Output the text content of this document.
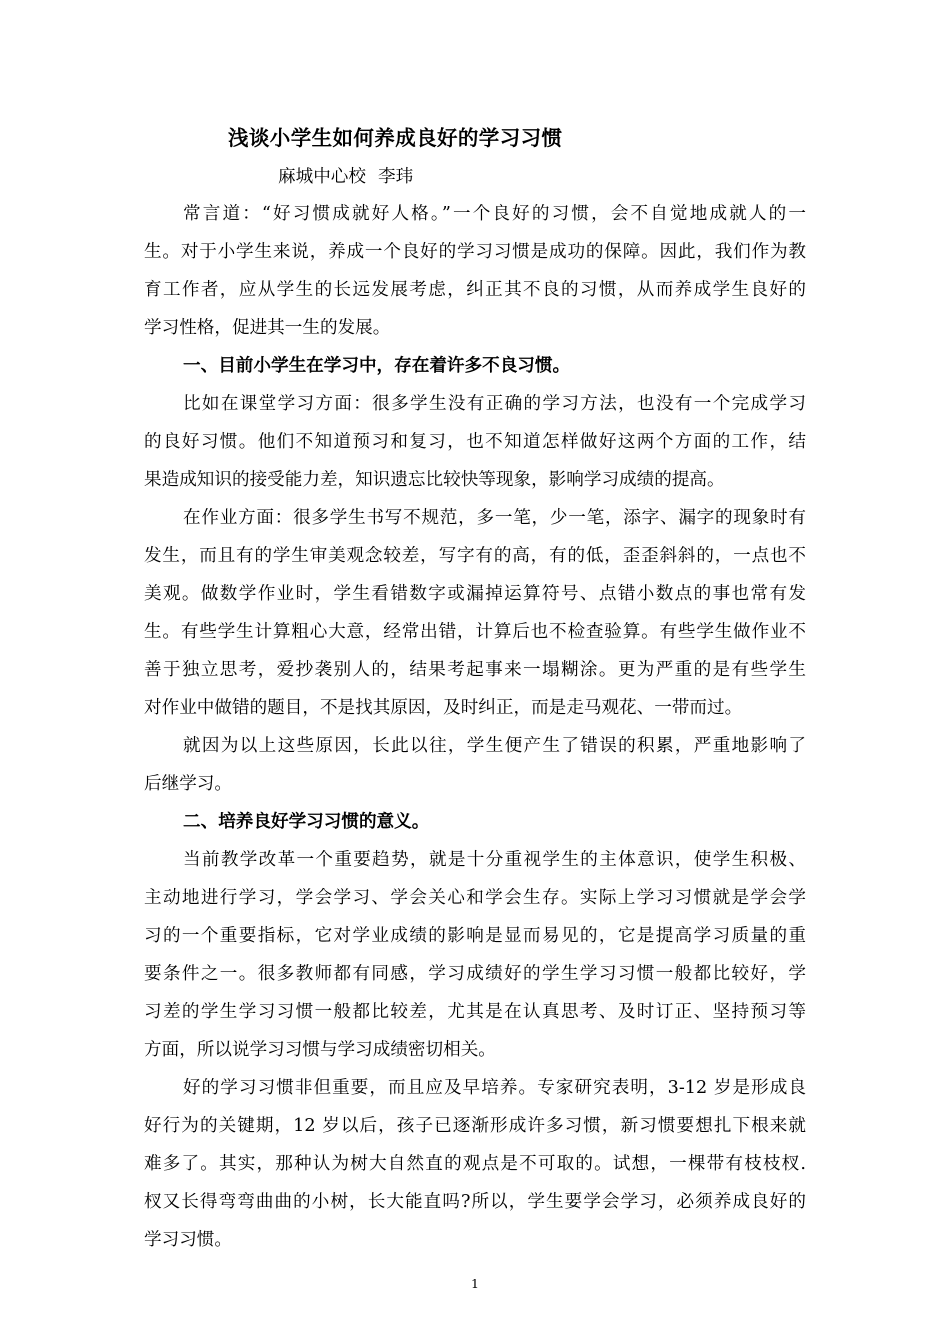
浅谈小学生如何养成良好的学习习惯
麻城中心校 李玮
常言道：“好习惯成就好人格。”一个良好的习惯，会不自觉地成就人的一
生。对于小学生来说，养成一个良好的学习习惯是成功的保障。因此，我们作为教
育工作者，应从学生的长远发展考虑，纠正其不良的习惯，从而养成学生良好的
学习性格，促进其一生的发展。
一、目前小学生在学习中，存在着许多不良习惯。
比如在课堂学习方面：很多学生没有正确的学习方法，也没有一个完成学习
的良好习惯。他们不知道预习和复习，也不知道怎样做好这两个方面的工作，结
果造成知识的接受能力差，知识遗忘比较快等现象，影响学习成绩的提高。
在作业方面：很多学生书写不规范，多一笔，少一笔，添字、漏字的现象时有
发生，而且有的学生审美观念较差，写字有的高，有的低，歪歪斜斜的，一点也不
美观。做数学作业时，学生看错数字或漏掉运算符号、点错小数点的事也常有发
生。有些学生计算粗心大意，经常出错，计算后也不检查验算。有些学生做作业不
善于独立思考，爱抄袭别人的，结果考起事来一塌糊涂。更为严重的是有些学生
对作业中做错的题目，不是找其原因，及时纠正，而是走马观花、一带而过。
就因为以上这些原因，长此以往，学生便产生了错误的积累，严重地影响了
后继学习。
二、培养良好学习习惯的意义。
当前教学改革一个重要趋势，就是十分重视学生的主体意识，使学生积极、
主动地进行学习，学会学习、学会关心和学会生存。实际上学习习惯就是学会学
习的一个重要指标，它对学业成绩的影响是显而易见的，它是提高学习质量的重
要条件之一。很多教师都有同感，学习成绩好的学生学习习惯一般都比较好，学
习差的学生学习习惯一般都比较差，尤其是在认真思考、及时订正、坚持预习等
方面，所以说学习习惯与学习成绩密切相关。
好的学习习惯非但重要，而且应及早培养。专家研究表明，3-12 岁是形成良
好行为的关键期，12 岁以后，孩子已逐渐形成许多习惯，新习惯要想扎下根来就
难多了。其实，那种认为树大自然直的观点是不可取的。试想，一棵带有枝枝杈.
杈又长得弯弯曲曲的小树，长大能直吗?所以，学生要学会学习，必须养成良好的
学习习惯。
1
